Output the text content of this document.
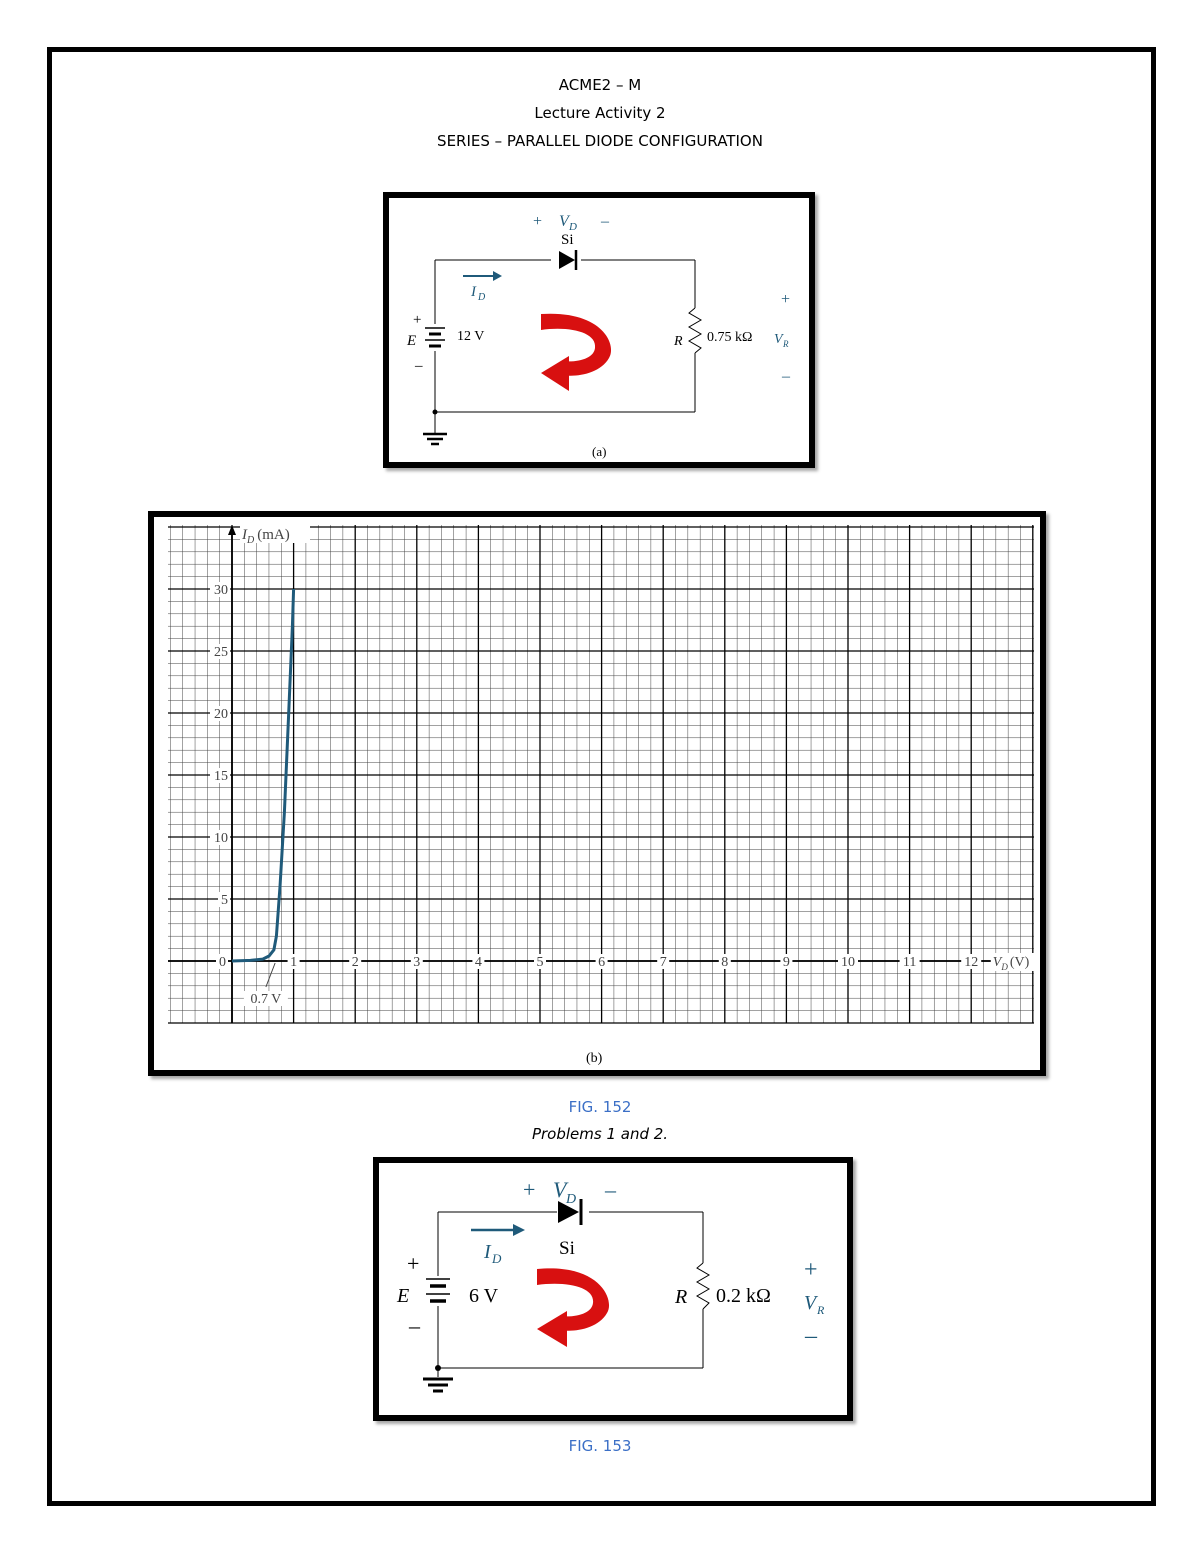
ACME2 – M
Lecture Activity 2
SERIES – PARALLEL DIODE CONFIGURATION
+ V D –
Si
I D
E
+
–
12 V	R 0.75 kΩ V R
+
–
(a)
0	1	2	3	4	5	6	7	8	9	10	11	12
5
10
15
20
25
30
0.7 V
$I_D$ (mA)
$V_D$ (V)
(b)
FIG. 152
Problems 1 and 2.
+ V D –
Si
I D
E
+
–
6 V	R 0.2 kΩ V R
+
–
FIG. 153
